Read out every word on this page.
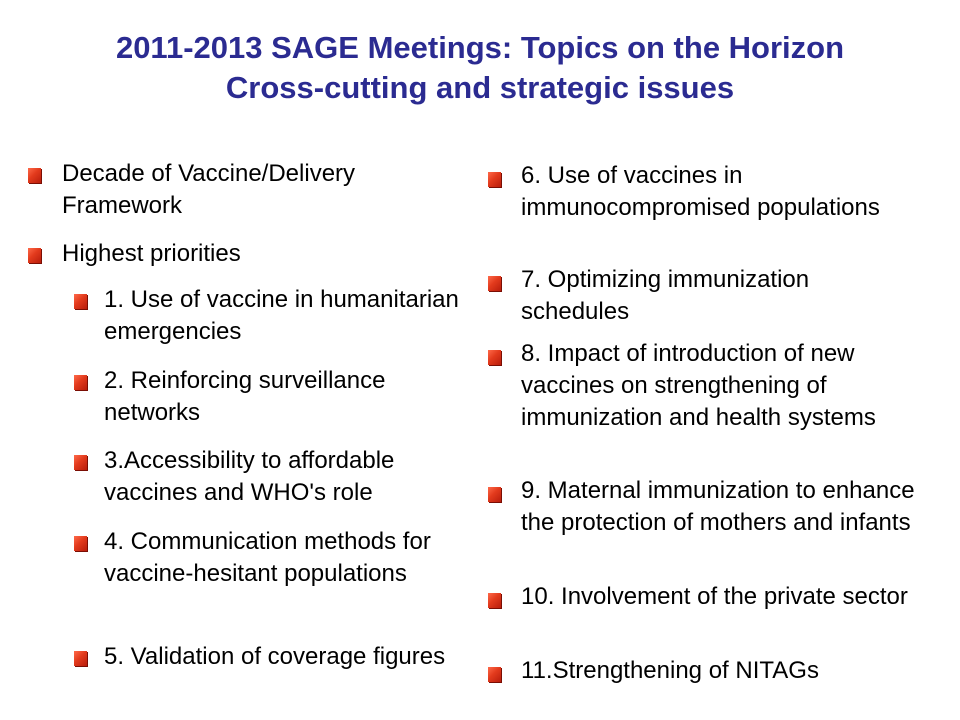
2011-2013 SAGE Meetings: Topics on the Horizon
Cross-cutting and strategic issues
Decade of Vaccine/Delivery Framework
Highest priorities
1. Use of vaccine in humanitarian emergencies
2. Reinforcing surveillance networks
3.Accessibility to affordable vaccines and WHO's role
4. Communication methods for vaccine-hesitant populations
5. Validation of coverage figures
6. Use of vaccines in immunocompromised populations
7. Optimizing immunization schedules
8. Impact of introduction of new vaccines on strengthening of immunization and health systems
9. Maternal immunization to enhance the protection of mothers and infants
10. Involvement of the private sector
11.Strengthening of NITAGs
